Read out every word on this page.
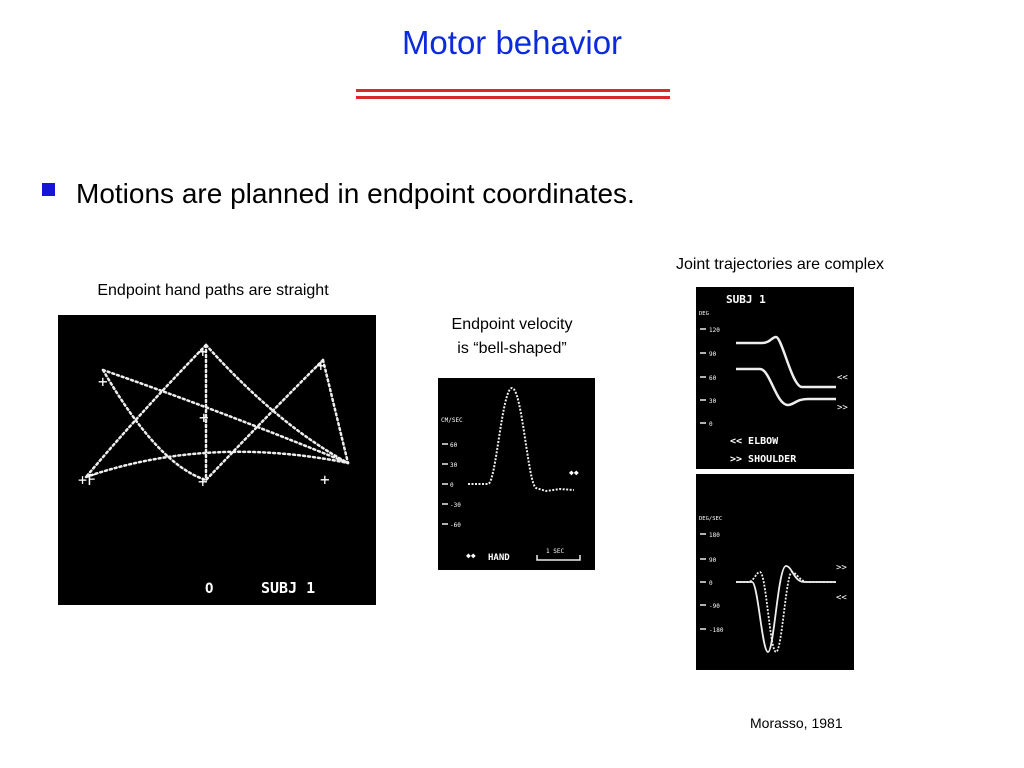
Motor behavior
Motions are planned in endpoint coordinates.
Endpoint hand paths are straight
Endpoint velocity
is “bell-shaped”
Joint trajectories are complex
+
+
+
+
+F	+	+
O	SUBJ 1
CM/SEC
60
30
0
-30
-60
◆◆
◆◆ HAND
1 SEC
SUBJ 1
DEG
120
90
60
30
0
<<
>>
<< ELBOW
>> SHOULDER
DEG/SEC
180
90
0
-90
-180
>>
<<
Morasso, 1981
